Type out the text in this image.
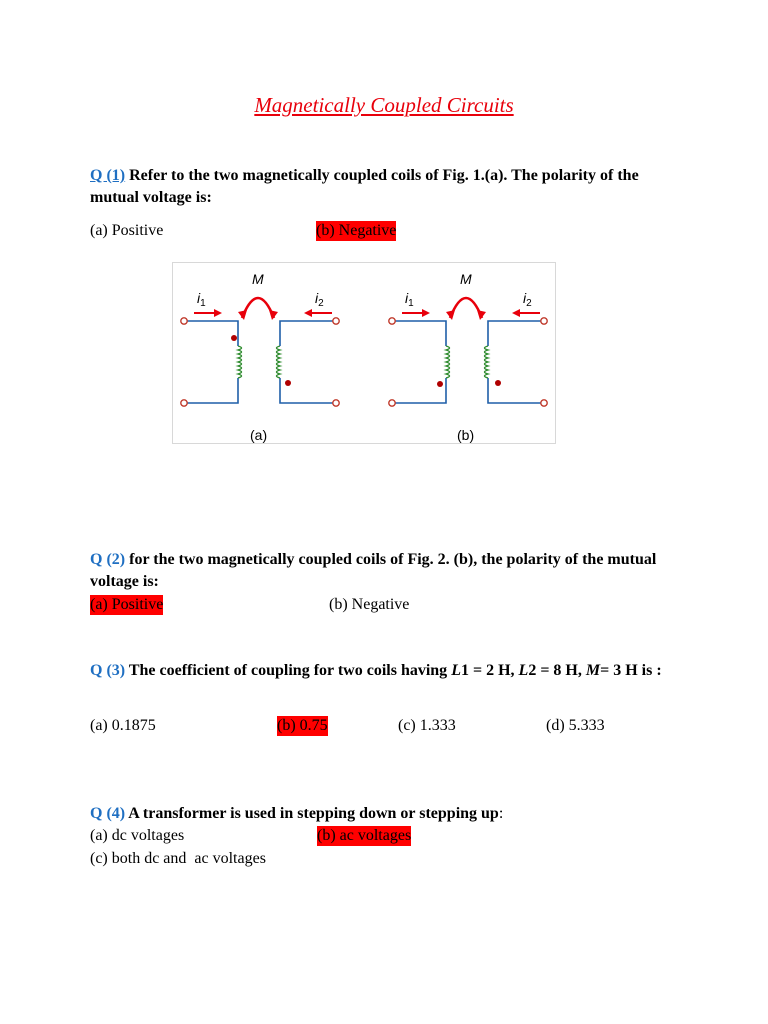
Magnetically Coupled Circuits
Q (1) Refer to the two magnetically coupled coils of Fig. 1.(a). The polarity of the mutual voltage is:
(a) Positive	(b) Negative
M
$i_1$	$i_2$
(a)
M
$i_1$	$i_2$
(b)
Q (2) for the two magnetically coupled coils of Fig. 2. (b), the polarity of the mutual voltage is:
(a) Positive	(b) Negative
Q (3) The coefficient of coupling for two coils having L1 = 2 H, L2 = 8 H, M= 3 H is :
(a) 0.1875	(b) 0.75	(c) 1.333	(d) 5.333
Q (4) A transformer is used in stepping down or stepping up:
(a) dc voltages	(b) ac voltages
(c) both dc and  ac voltages
